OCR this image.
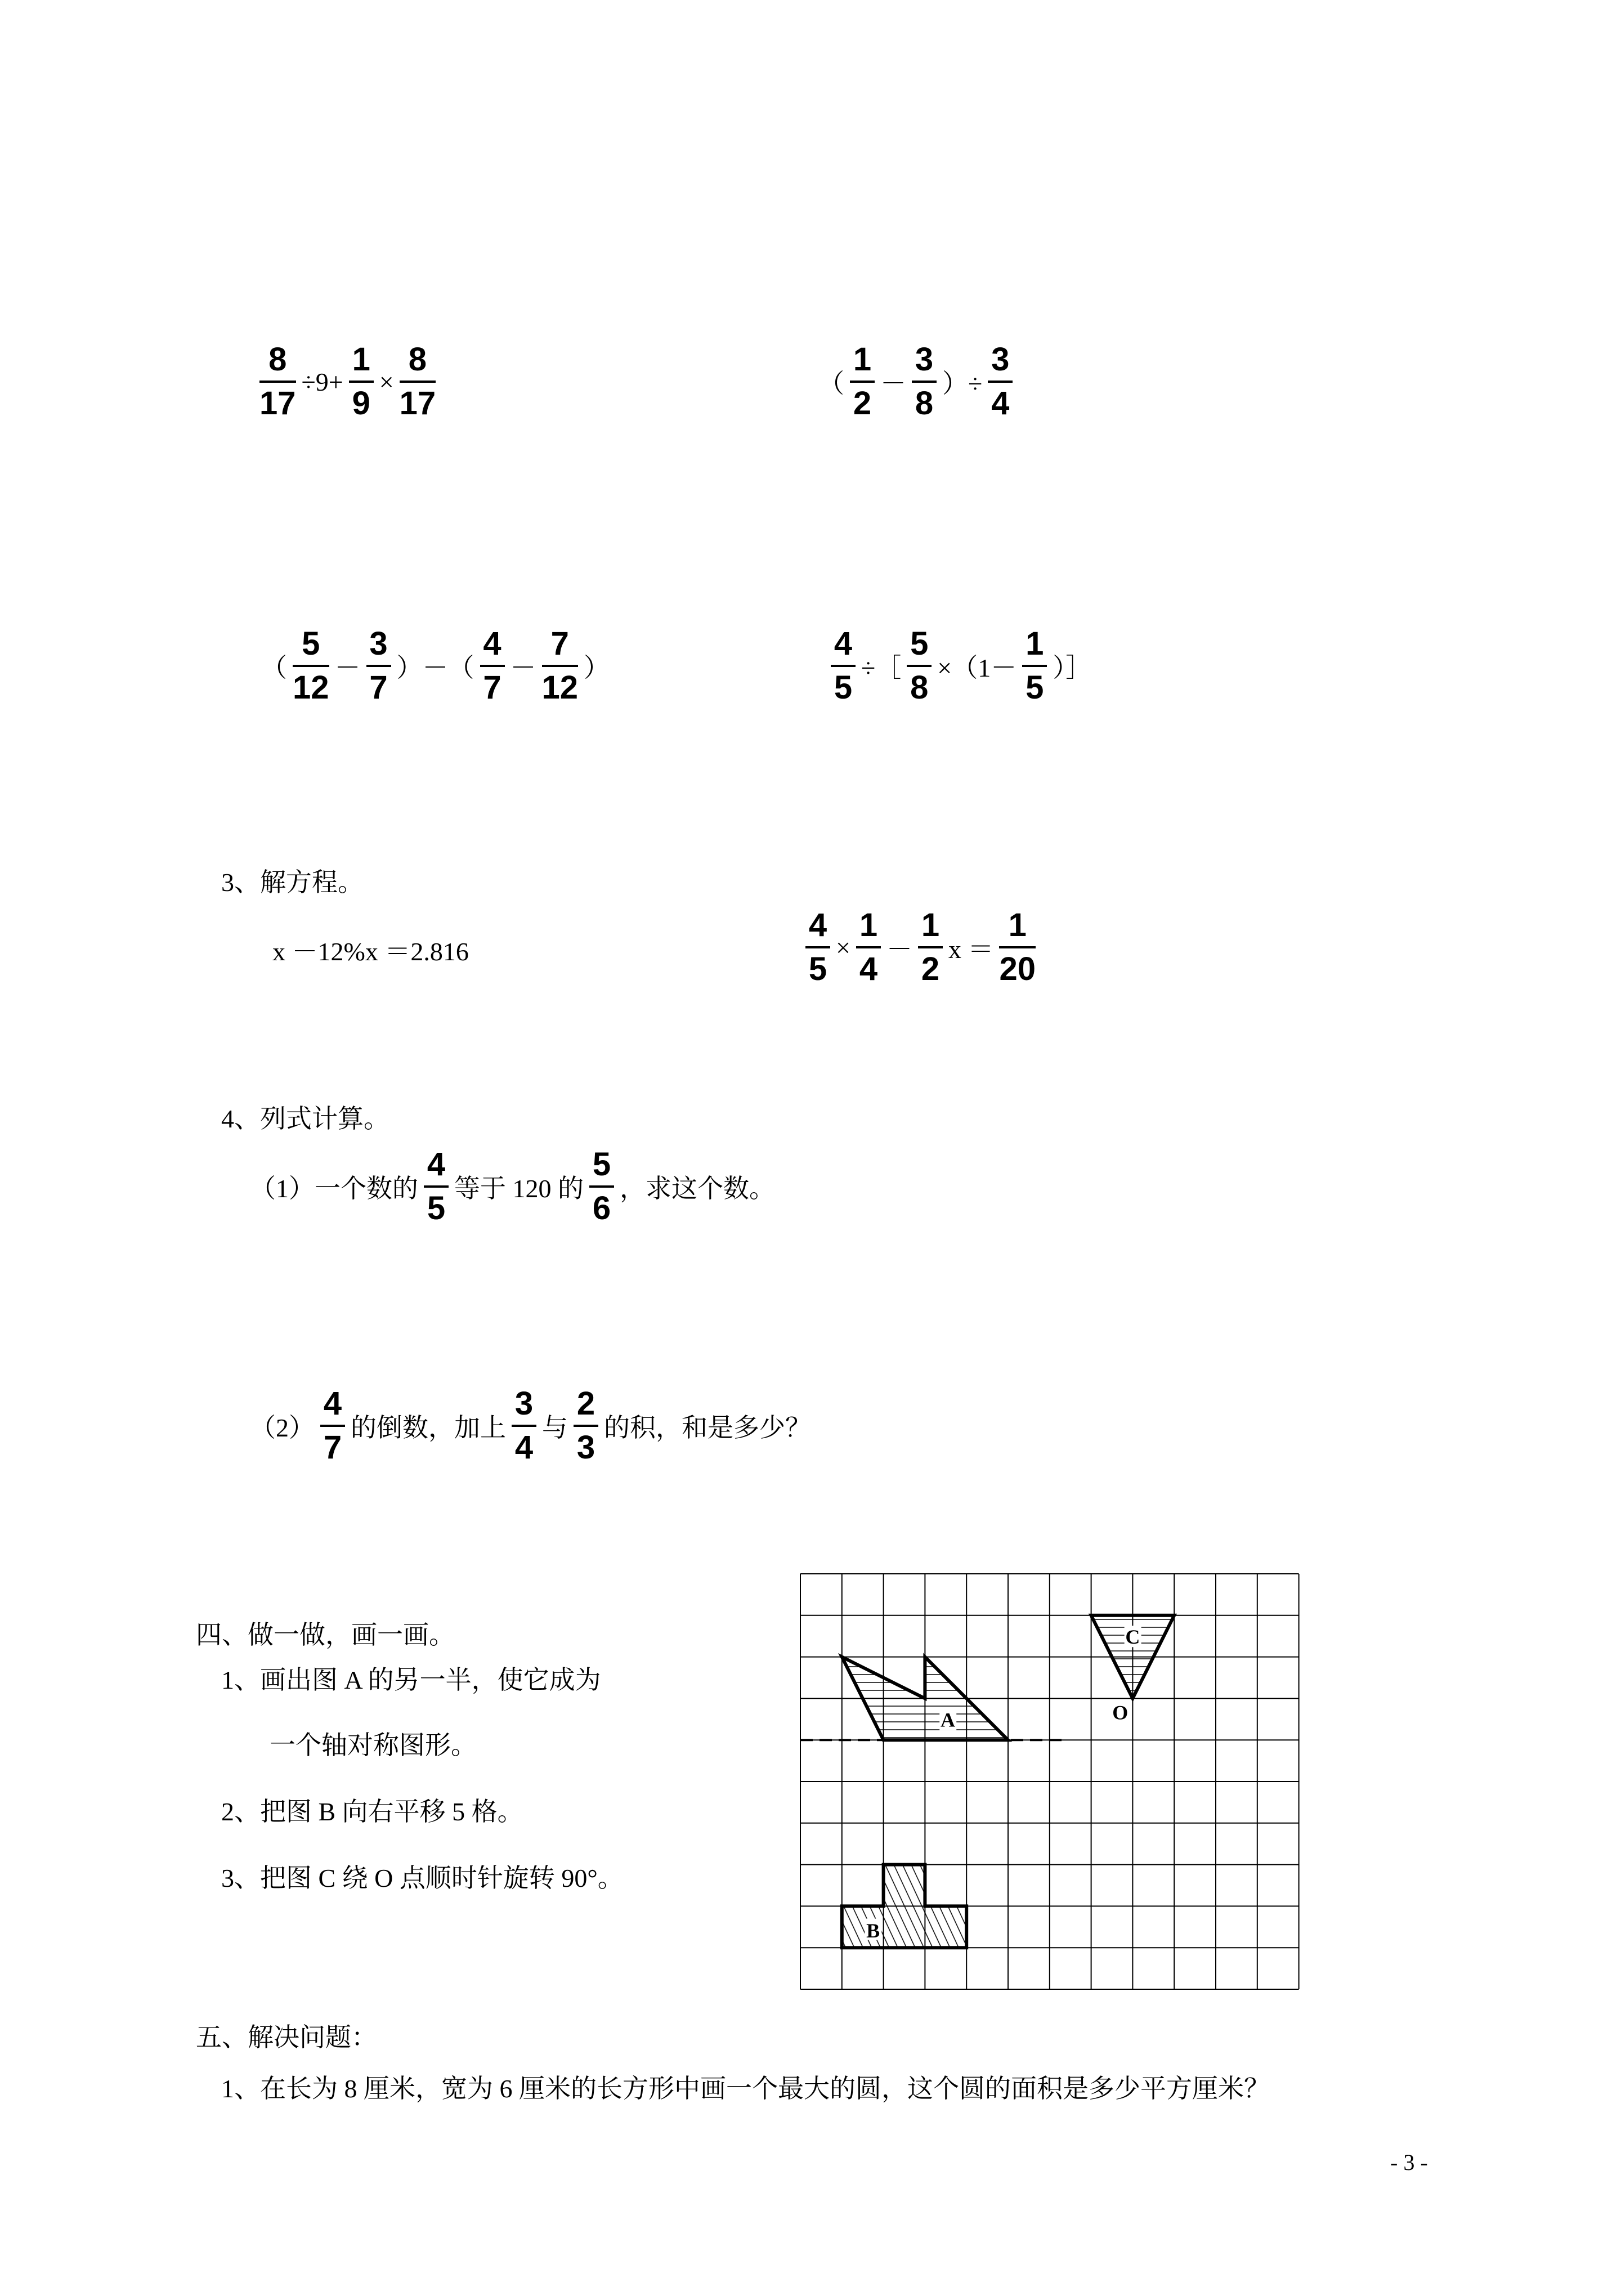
$\frac{8}{17} \div 9+ \frac{1}{9} \times \frac{8}{17}$	（ $\frac{1}{2} - \frac{3}{8}$ ）÷ $\frac{3}{4}$
（ $\frac{5}{12} - \frac{3}{7}$ ）－（ $\frac{4}{7} - \frac{7}{12}$ ）	$\frac{4}{5}$ ÷［ $\frac{5}{8} \times(1- \frac{1}{5}$ ）］
3、解方程。
x －12%x ＝2.816	$\frac{4}{5} \times \frac{1}{4} - \frac{1}{2}$ $x = \frac{1}{20}$
4、列式计算。
（1）一个数的 $\frac{4}{5}$ 等于 120 的 $\frac{5}{6}$ ，求这个数。
$(2) \frac{4}{7}$ 的倒数，加上 $\frac{3}{4}$ 与 $\frac{2}{3}$ 的积，和是多少？
四、做一做，画一画。
1、画出图 A 的另一半，使它成为
一个轴对称图形。
2、把图 B 向右平移 5 格。
3、把图 C 绕 O 点顺时针旋转 90°。
A
B
C
O
五、解决问题：
1、在长为 8 厘米，宽为 6 厘米的长方形中画一个最大的圆，这个圆的面积是多少平方厘米？
- 3 -
